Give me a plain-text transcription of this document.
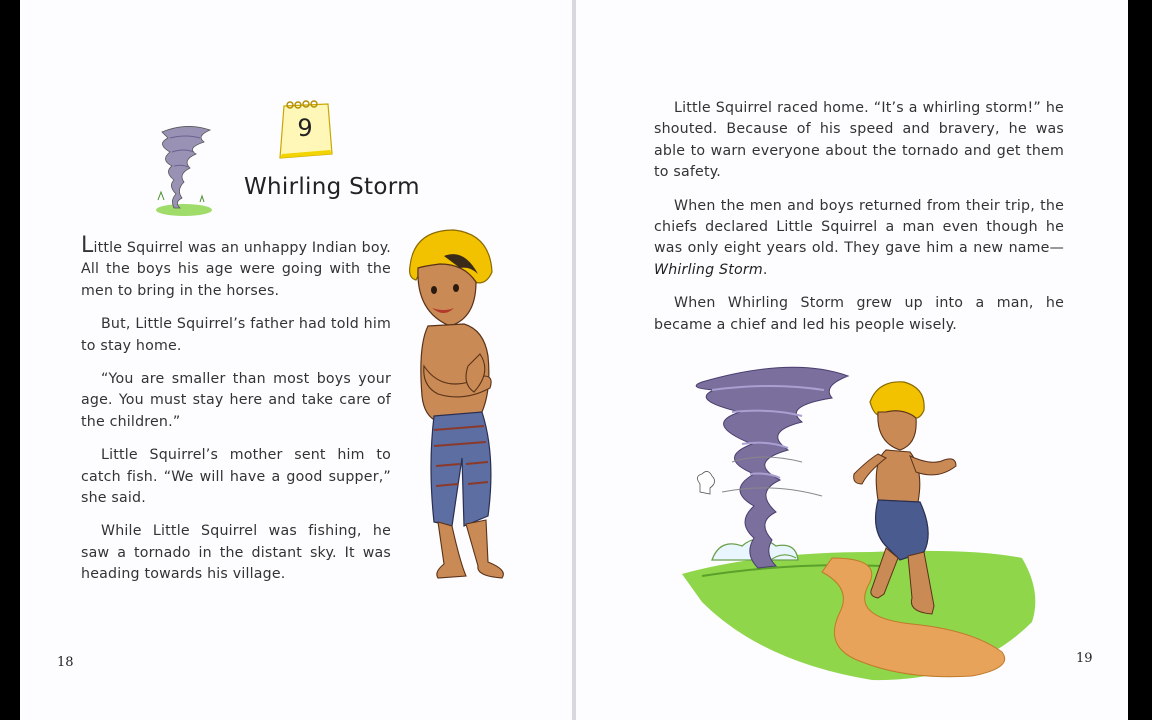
9
Whirling Storm

Little Squirrel was an unhappy Indian boy. All the boys his age were going with the men to bring in the horses.

But, Little Squirrel’s father had told him to stay home.

“You are smaller than most boys your age. You must stay here and take care of the children.”

Little Squirrel’s mother sent him to catch fish. “We will have a good supper,” she said.

While Little Squirrel was fishing, he saw a tornado in the distant sky. It was heading towards his village.

18

Little Squirrel raced home. “It’s a whirling storm!” he shouted. Because of his speed and bravery, he was able to warn everyone about the tornado and get them to safety.

When the men and boys returned from their trip, the chiefs declared Little Squirrel a man even though he was only eight years old. They gave him a new name—Whirling Storm.

When Whirling Storm grew up into a man, he became a chief and led his people wisely.

19
